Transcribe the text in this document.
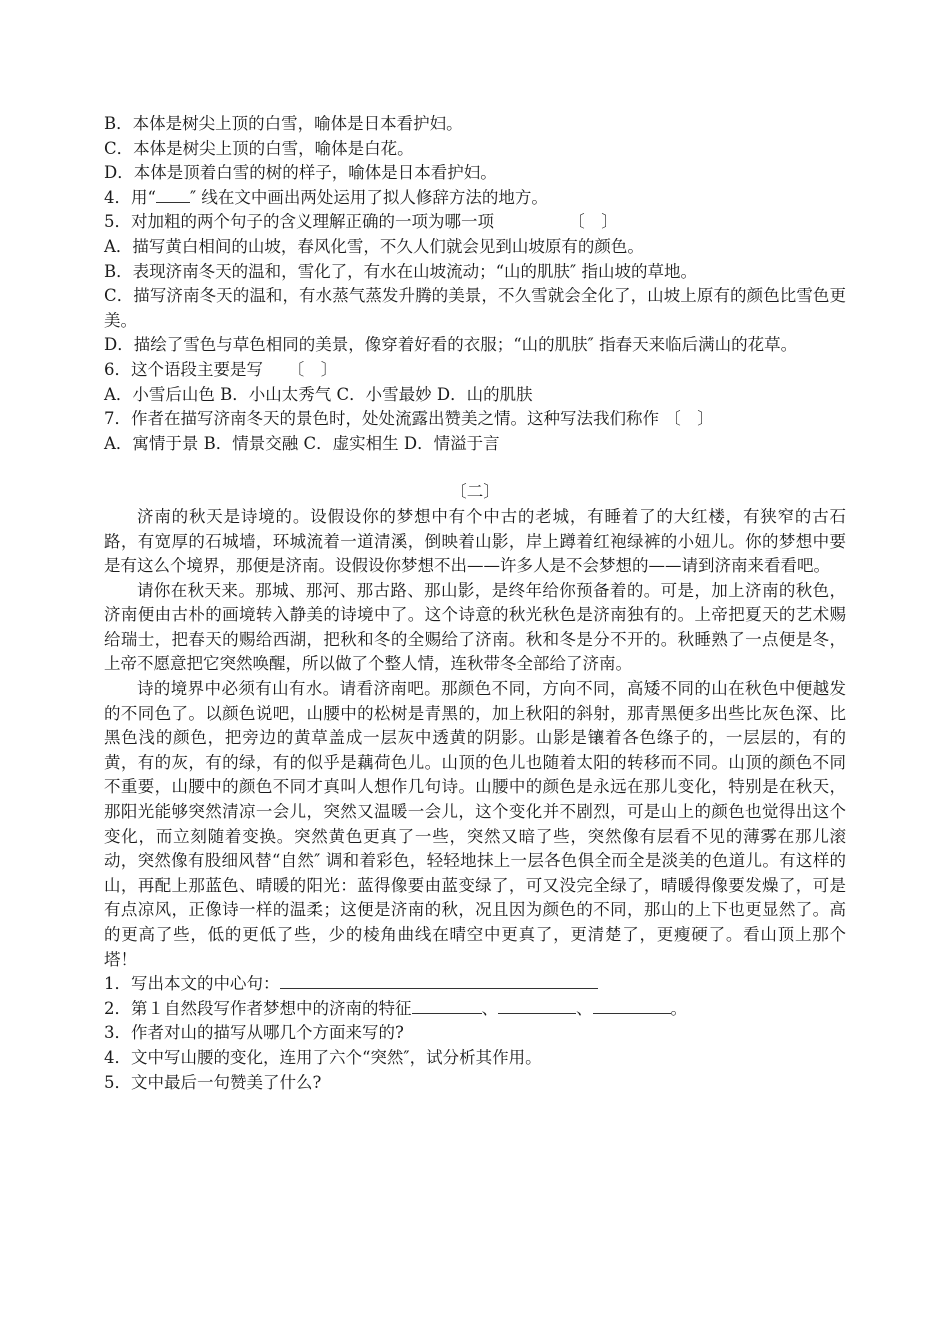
B．本体是树尖上顶的白雪，喻体是日本看护妇。
C．本体是树尖上顶的白雪，喻体是白花。
D．本体是顶着白雪的树的样子，喻体是日本看护妇。
4．用“ ″ 线在文中画出两处运用了拟人修辞方法的地方。
5．对加粗的两个句子的含义理解正确的一项为哪一项　　　　　〔　〕
A．描写黄白相间的山坡，春风化雪，不久人们就会见到山坡原有的颜色。
B．表现济南冬天的温和，雪化了，有水在山坡流动；“山的肌肤″ 指山坡的草地。
C．描写济南冬天的温和，有水蒸气蒸发升腾的美景，不久雪就会全化了，山坡上原有的颜色比雪色更美。
D．描绘了雪色与草色相同的美景，像穿着好看的衣服；“山的肌肤″ 指春天来临后满山的花草。
6．这个语段主要是写　　〔　〕
A．小雪后山色 B．小山太秀气 C．小雪最妙 D．山的肌肤
7．作者在描写济南冬天的景色时，处处流露出赞美之情。这种写法我们称作 〔　〕
A．寓情于景 B．情景交融 C．虚实相生 D．情溢于言
〔二〕
济南的秋天是诗境的。设假设你的梦想中有个中古的老城，有睡着了的大红楼，有狭窄的古石路，有宽厚的石城墙，环城流着一道清溪，倒映着山影，岸上蹲着红袍绿裤的小妞儿。你的梦想中要是有这么个境界，那便是济南。设假设你梦想不出——许多人是不会梦想的——请到济南来看看吧。
请你在秋天来。那城、那河、那古路、那山影，是终年给你预备着的。可是，加上济南的秋色，济南便由古朴的画境转入静美的诗境中了。这个诗意的秋光秋色是济南独有的。上帝把夏天的艺术赐给瑞士，把春天的赐给西湖，把秋和冬的全赐给了济南。秋和冬是分不开的。秋睡熟了一点便是冬，上帝不愿意把它突然唤醒，所以做了个整人情，连秋带冬全部给了济南。
诗的境界中必须有山有水。请看济南吧。那颜色不同，方向不同，高矮不同的山在秋色中便越发的不同色了。以颜色说吧，山腰中的松树是青黑的，加上秋阳的斜射，那青黑便多出些比灰色深、比黑色浅的颜色，把旁边的黄草盖成一层灰中透黄的阴影。山影是镶着各色绦子的，一层层的，有的黄，有的灰，有的绿，有的似乎是藕荷色儿。山顶的色儿也随着太阳的转移而不同。山顶的颜色不同不重要，山腰中的颜色不同才真叫人想作几句诗。山腰中的颜色是永远在那儿变化，特别是在秋天，那阳光能够突然清凉一会儿，突然又温暖一会儿，这个变化并不剧烈，可是山上的颜色也觉得出这个变化，而立刻随着变换。突然黄色更真了一些，突然又暗了些，突然像有层看不见的薄雾在那儿滚动，突然像有股细风替“自然″ 调和着彩色，轻轻地抹上一层各色俱全而全是淡美的色道儿。有这样的山，再配上那蓝色、晴暖的阳光：蓝得像要由蓝变绿了，可又没完全绿了，晴暖得像要发燥了，可是有点凉风，正像诗一样的温柔；这便是济南的秋，况且因为颜色的不同，那山的上下也更显然了。高的更高了些，低的更低了些，少的棱角曲线在晴空中更真了，更清楚了，更瘦硬了。看山顶上那个塔！
1．写出本文的中心句：
2．第１自然段写作者梦想中的济南的特征	、	、	。
3．作者对山的描写从哪几个方面来写的?
4．文中写山腰的变化，连用了六个“突然″，试分析其作用。
5．文中最后一句赞美了什么?
